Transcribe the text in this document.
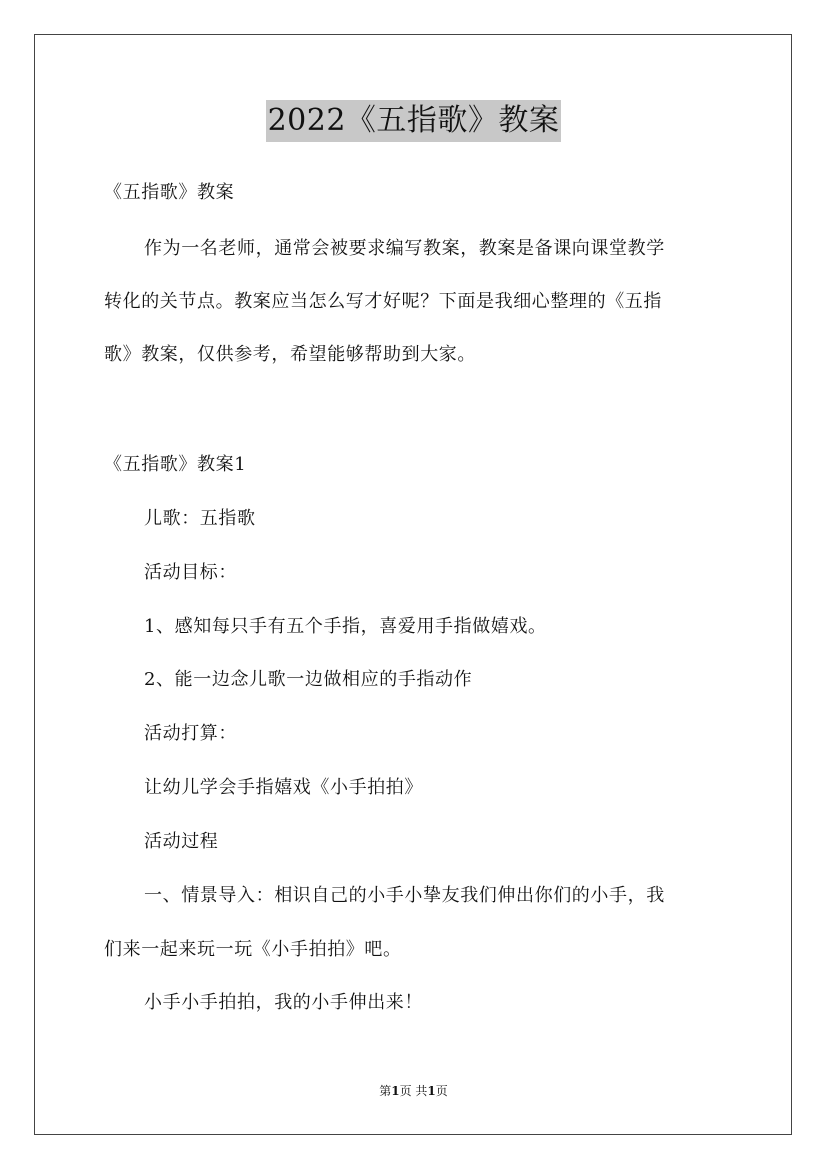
2022《五指歌》教案
《五指歌》教案
作为一名老师，通常会被要求编写教案，教案是备课向课堂教学
转化的关节点。教案应当怎么写才好呢？下面是我细心整理的《五指
歌》教案，仅供参考，希望能够帮助到大家。
《五指歌》教案1
儿歌：五指歌
活动目标：
1、感知每只手有五个手指，喜爱用手指做嬉戏。
2、能一边念儿歌一边做相应的手指动作
活动打算：
让幼儿学会手指嬉戏《小手拍拍》
活动过程
一、情景导入：相识自己的小手小挚友我们伸出你们的小手，我
们来一起来玩一玩《小手拍拍》吧。
小手小手拍拍，我的小手伸出来！
第1页 共1页
